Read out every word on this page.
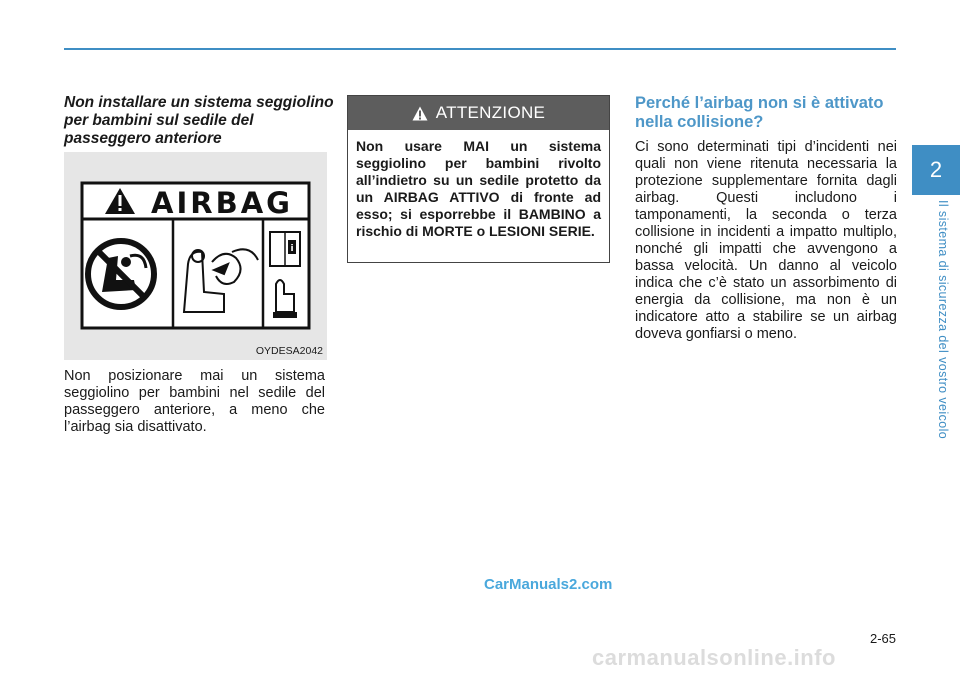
Non installare un sistema seggiolino per bambini sul sedile del passeggero anteriore
AIRBAG
i
OYDESA2042
Non posizionare mai un sistema seggiolino per bambini nel sedile del passeggero anteriore, a meno che l’airbag sia disattivato.
ATTENZIONE
Non usare MAI un sistema seggiolino per bambini rivolto all’indietro su un sedile protetto da un AIRBAG ATTIVO di fronte ad esso; si esporrebbe il BAMBINO a rischio di MORTE o LESIONI SERIE.
Perché l’airbag non si è attivato nella collisione?
Ci sono determinati tipi d’incidenti nei quali non viene ritenuta necessaria la protezione supplementare fornita dagli airbag. Questi includono i tamponamenti, la seconda o terza collisione in incidenti a impatto multiplo, nonché gli impatti che avvengono a bassa velocità. Un danno al veicolo indica che c’è stato un assorbimento di energia da collisione, ma non è un indicatore atto a stabilire se un airbag doveva gonfiarsi o meno.
2
Il sistema di sicurezza del vostro veicolo
2-65
CarManuals2.com
carmanualsonline.info
